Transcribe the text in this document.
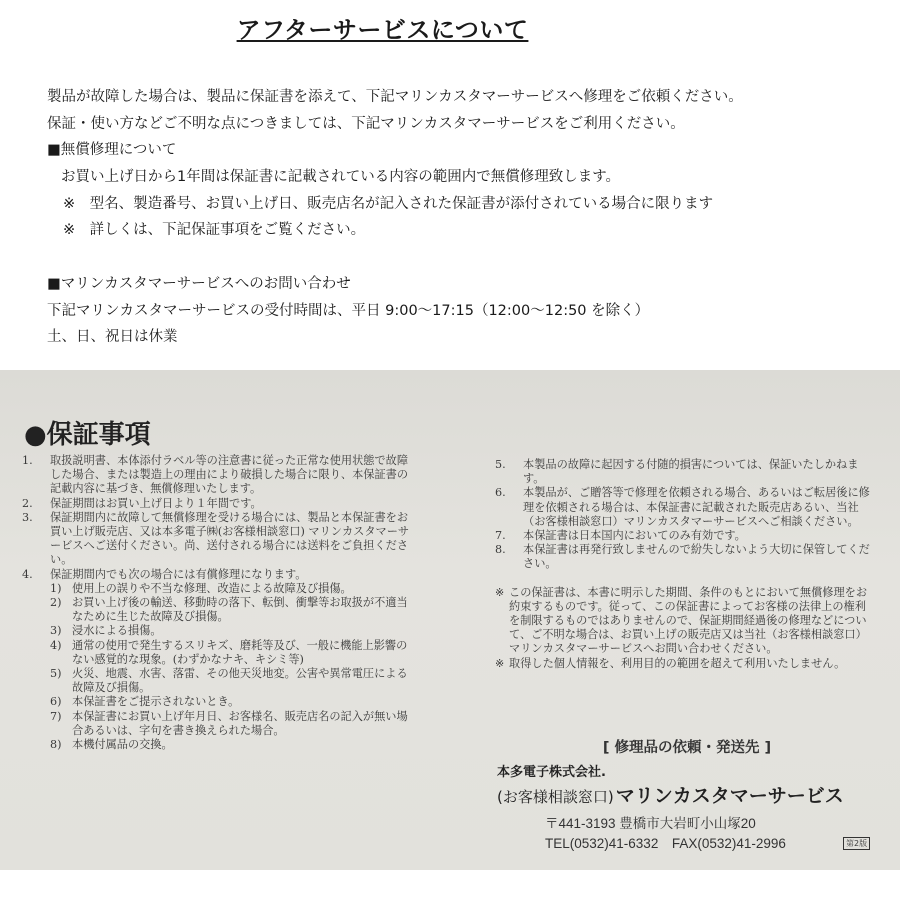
アフターサービスについて

製品が故障した場合は、製品に保証書を添えて、下記マリンカスタマーサービスへ修理をご依頼ください。

保証・使い方などご不明な点につきましては、下記マリンカスタマーサービスをご利用ください。

■無償修理について

お買い上げ日から1年間は保証書に記載されている内容の範囲内で無償修理致します。

※　型名、製造番号、お買い上げ日、販売店名が記入された保証書が添付されている場合に限ります

※　詳しくは、下記保証事項をご覧ください。

■マリンカスタマーサービスへのお問い合わせ

下記マリンカスタマーサービスの受付時間は、平日 9:00～17:15（12:00～12:50 を除く）

土、日、祝日は休業

●保証事項
1.	取扱説明書、本体添付ラベル等の注意書に従った正常な使用状態で故障した場合、または製造上の理由により破損した場合に限り、本保証書の記載内容に基づき、無償修理いたします。
2.	保証期間はお買い上げ日より１年間です。
3.	保証期間内に故障して無償修理を受ける場合には、製品と本保証書をお買い上げ販売店、又は本多電子㈱(お客様相談窓口) マリンカスタマーサービスへご送付ください。尚、送付される場合には送料をご負担ください。
4.	保証期間内でも次の場合には有償修理になります。
1) 使用上の誤りや不当な修理、改造による故障及び損傷。
2) お買い上げ後の輸送、移動時の落下、転倒、衝撃等お取扱が不適当なために生じた故障及び損傷。
3) 浸水による損傷。
4) 通常の使用で発生するスリキズ、磨耗等及び、一般に機能上影響のない感覚的な現象。(わずかなナキ、キシミ等)
5) 火災、地震、水害、落雷、その他天災地変。公害や異常電圧による故障及び損傷。
6) 本保証書をご提示されないとき。
7) 本保証書にお買い上げ年月日、お客様名、販売店名の記入が無い場合あるいは、字句を書き換えられた場合。
8) 本機付属品の交換。
5.	本製品の故障に起因する付随的損害については、保証いたしかねます。
6.	本製品が、ご贈答等で修理を依頼される場合、あるいはご転居後に修理を依頼される場合は、本保証書に記載された販売店あるい、当社（お客様相談窓口）マリンカスタマーサービスへご相談ください。
7.	本保証書は日本国内においてのみ有効です。
8.	本保証書は再発行致しませんので紛失しないよう大切に保管してください。
※ この保証書は、本書に明示した期間、条件のもとにおいて無償修理をお約束するものです。従って、この保証書によってお客様の法律上の権利を制限するものではありませんので、保証期間経過後の修理などについて、ご不明な場合は、お買い上げの販売店又は当社（お客様相談窓口）マリンカスタマーサービスへお問い合わせください。
※ 取得した個人情報を、利用目的の範囲を超えて利用いたしません。
[ 修理品の依頼・発送先 ]
本多電子株式会社.
(お客様相談窓口) マリンカスタマーサービス
〒441-3193 豊橋市大岩町小山塚20
TEL(0532)41-6332　FAX(0532)41-2996	第2版
